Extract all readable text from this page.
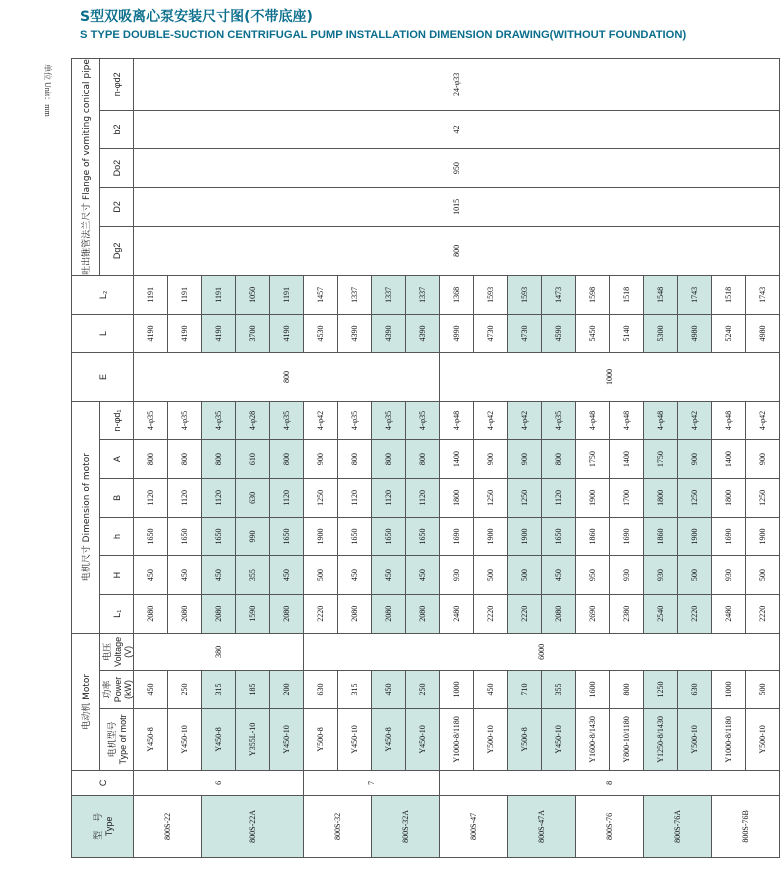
S型双吸离心泵安装尺寸图(不带底座)
S TYPE DOUBLE-SUCTION CENTRIFUGAL PUMP INSTALLATION DIMENSION DRAWING(WITHOUT FOUNDATION)
单位 Unit：mm
型　号 Type	C	电动机 Motor			电机尺寸 Dimension of motor						E	L	L₂	吐出锥管法兰尺寸 Flange of vomiting conical pipe				

		电机型号 Type of motr	功率 Power (kW)	电压 Voltage (V)	L₁	H	h	B	A	n-φd₁				Dg2	D2	Do2	b2	n-φd2

800S-22	6	Y450-8	450	380	2080	450	1650	1120	800	4-φ35	800	4190	1191	800	1015	950	42	24-φ33
		Y450-10	250		2080	450	1650	1120	800	4-φ35		4190	1191					
800S-22A		Y450-8	315		2080	450	1650	1120	800	4-φ35		4190	1191					
		Y355L-10	185		1590	355	990	630	610	4-φ28		3700	1050					
		Y450-10	200		2080	450	1650	1120	800	4-φ35		4190	1191					
800S-32	7	Y500-8	630	6000	2220	500	1900	1250	900	4-φ42		4530	1457					
		Y450-10	315		2080	450	1650	1120	800	4-φ35		4390	1337					
800S-32A		Y450-8	450		2080	450	1650	1120	800	4-φ35		4390	1337					
		Y450-10	250		2080	450	1650	1120	800	4-φ35		4390	1337					
800S-47	8	Y1000-8/1180	1000		2480	930	1690	1800	1400	4-φ48	1000	4990	1368					
		Y500-10	450		2220	500	1900	1250	900	4-φ42		4730	1593					
800S-47A		Y500-8	710		2220	500	1900	1250	900	4-φ42		4730	1593					
		Y450-10	355		2080	450	1650	1120	800	4-φ35		4590	1473					
800S-76		Y1600-8/1430	1600		2690	950	1860	1900	1750	4-φ48		5450	1598					
		Y800-10/1180	800		2380	930	1690	1700	1400	4-φ48		5140	1518					
800S-76A		Y1250-8/1430	1250		2540	930	1860	1800	1750	4-φ48		5300	1548					
		Y500-10	630		2220	500	1900	1250	900	4-φ42		4980	1743					
800S-76B		Y1000-8/1180	1000		2480	930	1690	1800	1400	4-φ48		5240	1518					
		Y500-10	500		2220	500	1900	1250	900	4-φ42		4980	1743					
